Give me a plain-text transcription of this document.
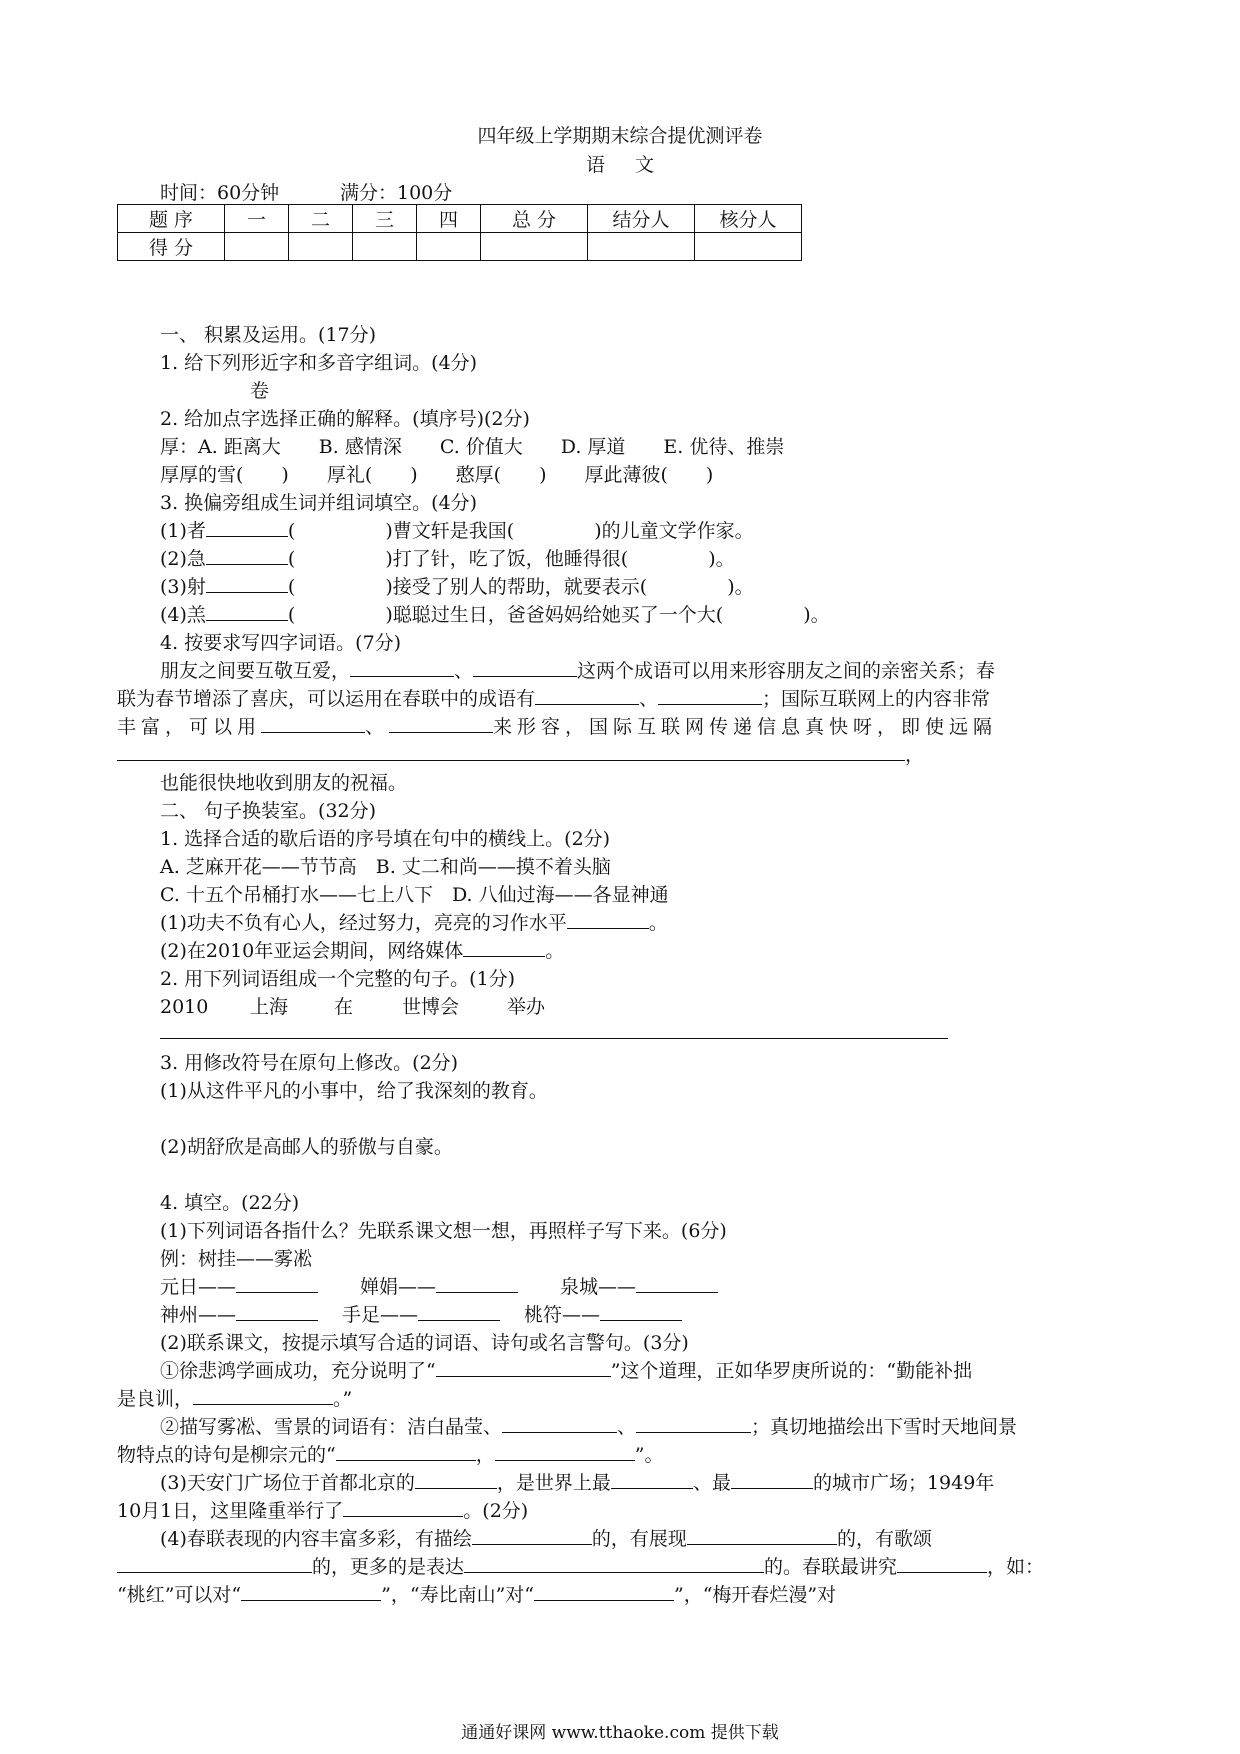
四年级上学期期末综合提优测评卷
语文
时间：60分钟	满分：100分
题 序	一	二	三	四	总 分	结分人	核分人
得 分							
一、 积累及运用。(17分)
1. 给下列形近字和多音字组词。(4分)
卷
2. 给加点字选择正确的解释。(填序号)(2分)
厚：A. 距离大　　B. 感情深　　C. 价值大　　D. 厚道　　E. 优待、推崇
厚厚的雪(　　)　　厚礼(　　)　　憨厚(　　)　　厚此薄彼(　　)
3. 换偏旁组成生词并组词填空。(4分)
(1)者	(	)曹文轩是我国(	)的儿童文学作家。
(2)急	(	)打了针，吃了饭，他睡得很(	)。
(3)射	(	)接受了别人的帮助，就要表示(	)。
(4)羔	(	)聪聪过生日，爸爸妈妈给她买了一个大(	)。
4. 按要求写四字词语。(7分)
朋友之间要互敬互爱，	、	这两个成语可以用来形容朋友之间的亲密关系；春
联为春节增添了喜庆，可以运用在春联中的成语有	、	；国际互联网上的内容非常
丰富，可以用	、	来形容，国际互联网传递信息真快呀，即使远隔
，
也能很快地收到朋友的祝福。
二、 句子换装室。(32分)
1. 选择合适的歇后语的序号填在句中的横线上。(2分)
A. 芝麻开花——节节高　B. 丈二和尚——摸不着头脑
C. 十五个吊桶打水——七上八下　D. 八仙过海——各显神通
(1)功夫不负有心人，经过努力，亮亮的习作水平	。
(2)在2010年亚运会期间，网络媒体	。
2. 用下列词语组成一个完整的句子。(1分)
2010 上海 在	世博会	举办
3. 用修改符号在原句上修改。(2分)
(1)从这件平凡的小事中，给了我深刻的教育。
(2)胡舒欣是高邮人的骄傲与自豪。
4. 填空。(22分)
(1)下列词语各指什么？先联系课文想一想，再照样子写下来。(6分)
例：树挂——雾凇
元日——	婵娟——	泉城——
神州——	手足——	桃符——
(2)联系课文，按提示填写合适的词语、诗句或名言警句。(3分)
①徐悲鸿学画成功，充分说明了“	”这个道理，正如华罗庚所说的：“勤能补拙
是良训，	。”
②描写雾凇、雪景的词语有：洁白晶莹、	、	；真切地描绘出下雪时天地间景
物特点的诗句是柳宗元的“	，	”。
(3)天安门广场位于首都北京的	，是世界上最	、最	的城市广场；1949年
10月1日，这里隆重举行了	。(2分)
(4)春联表现的内容丰富多彩，有描绘	的，有展现	的，有歌颂
的，更多的是表达	的。春联最讲究	，如：
“桃红”可以对“	”，“寿比南山”对“	”，“梅开春烂漫”对
通通好课网 www.tthaoke.com 提供下载
